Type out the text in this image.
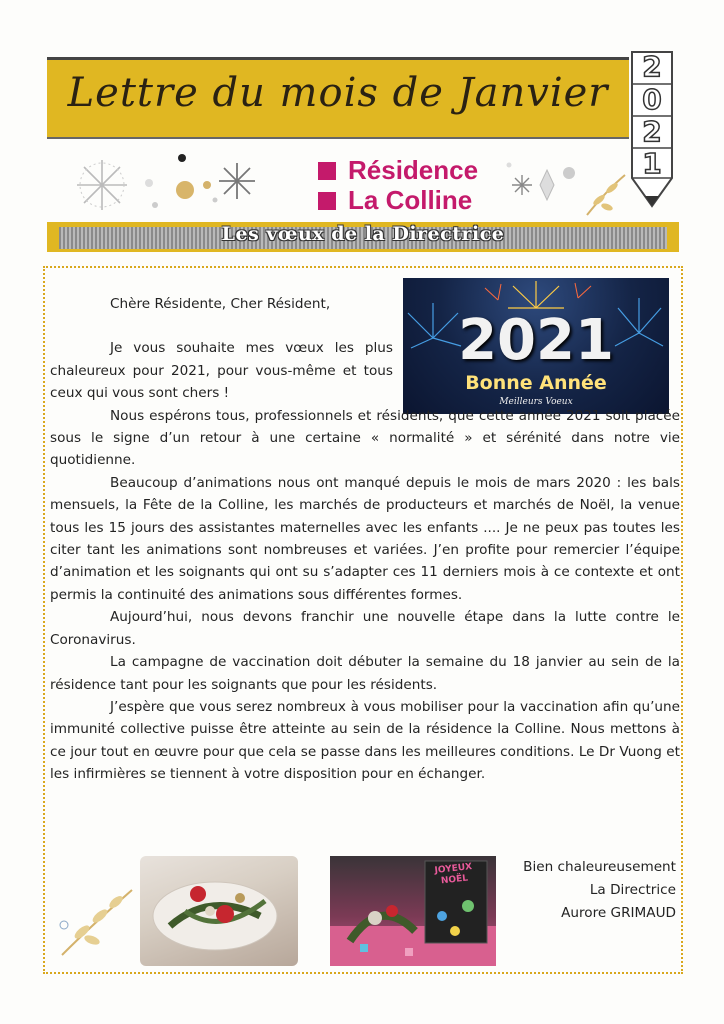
Lettre du mois de Janvier
2
0
2
1
Résidence
La Colline
Les vœux de la Directrice
2021
Bonne Année
Meilleurs Voeux

Chère Résidente, Cher Résident,

Je vous souhaite mes vœux les plus chaleureux pour 2021, pour vous-même et tous ceux qui vous sont chers !

Nous espérons tous, professionnels et résidents, que cette année 2021 soit placée sous le signe d’un retour à une certaine « normalité » et sérénité dans notre vie quotidienne.

Beaucoup d’animations nous ont manqué depuis le mois de mars 2020 : les bals mensuels, la Fête de la Colline, les marchés de producteurs et marchés de Noël, la venue tous les 15 jours des assistantes maternelles avec les enfants .... Je ne peux pas toutes les citer tant les animations sont nombreuses et variées. J’en profite pour remercier l’équipe d’animation et les soignants qui ont su s’adapter ces 11 derniers mois à ce contexte et ont permis la continuité des animations sous différentes formes.

Aujourd’hui, nous devons franchir une nouvelle étape dans la lutte contre le Coronavirus.

La campagne de vaccination doit débuter la semaine du 18 janvier au sein de la résidence tant pour les soignants que pour les résidents.

J’espère que vous serez nombreux à vous mobiliser pour la vaccination afin qu’une immunité collective puisse être atteinte au sein de la résidence la Colline. Nous mettons à ce jour tout en œuvre pour que cela se passe dans les meilleures conditions. Le Dr Vuong et les infirmières se tiennent à votre disposition pour en échanger.

JOYEUX
NOËL
Bien chaleureusement
La Directrice
Aurore GRIMAUD
